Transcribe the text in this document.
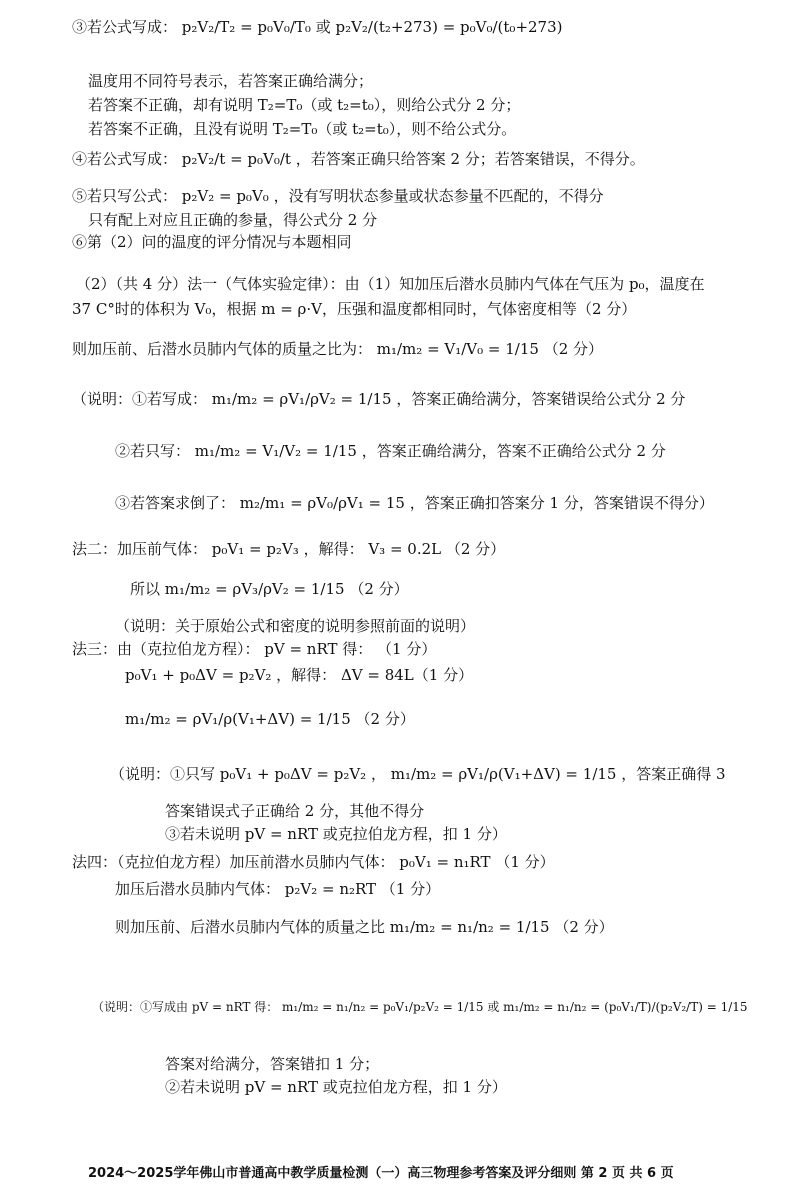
③若公式写成： p₂V₂/T₂ = p₀V₀/T₀ 或 p₂V₂/(t₂+273) = p₀V₀/(t₀+273)
温度用不同符号表示，若答案正确给满分；
若答案不正确，却有说明 T₂=T₀（或 t₂=t₀），则给公式分 2 分；
若答案不正确，且没有说明 T₂=T₀（或 t₂=t₀），则不给公式分。
④若公式写成： p₂V₂/t = p₀V₀/t ，若答案正确只给答案 2 分；若答案错误，不得分。
⑤若只写公式： p₂V₂ = p₀V₀ ，没有写明状态参量或状态参量不匹配的，不得分
只有配上对应且正确的参量，得公式分 2 分
⑥第（2）问的温度的评分情况与本题相同
（2）（共 4 分）法一（气体实验定律）：由（1）知加压后潜水员肺内气体在气压为 p₀，温度在
37 C°时的体积为 V₀，根据 m = ρ·V，压强和温度都相同时，气体密度相等（2 分）
则加压前、后潜水员肺内气体的质量之比为： m₁/m₂ = V₁/V₀ = 1/15 （2 分）
（说明：①若写成： m₁/m₂ = ρV₁/ρV₂ = 1/15 ，答案正确给满分，答案错误给公式分 2 分
②若只写： m₁/m₂ = V₁/V₂ = 1/15 ，答案正确给满分，答案不正确给公式分 2 分
③若答案求倒了： m₂/m₁ = ρV₀/ρV₁ = 15 ，答案正确扣答案分 1 分，答案错误不得分）
法二：加压前气体： p₀V₁ = p₂V₃ ，解得： V₃ = 0.2L （2 分）
所以 m₁/m₂ = ρV₃/ρV₂ = 1/15 （2 分）
（说明：关于原始公式和密度的说明参照前面的说明）
法三：由（克拉伯龙方程）： pV = nRT 得： （1 分）
p₀V₁ + p₀ΔV = p₂V₂ ，解得： ΔV = 84L（1 分）
m₁/m₂ = ρV₁/ρ(V₁+ΔV) = 1/15 （2 分）
（说明：①只写 p₀V₁ + p₀ΔV = p₂V₂ ， m₁/m₂ = ρV₁/ρ(V₁+ΔV) = 1/15 ，答案正确得 3
答案错误式子正确给 2 分，其他不得分
③若未说明 pV = nRT 或克拉伯龙方程，扣 1 分）
法四：（克拉伯龙方程）加压前潜水员肺内气体： p₀V₁ = n₁RT （1 分）
加压后潜水员肺内气体： p₂V₂ = n₂RT （1 分）
则加压前、后潜水员肺内气体的质量之比 m₁/m₂ = n₁/n₂ = 1/15 （2 分）
（说明：①写成由 pV = nRT 得： m₁/m₂ = n₁/n₂ = p₀V₁/p₂V₂ = 1/15 或 m₁/m₂ = n₁/n₂ = (p₀V₁/T)/(p₂V₂/T) = 1/15
答案对给满分，答案错扣 1 分；
②若未说明 pV = nRT 或克拉伯龙方程，扣 1 分）
2024～2025学年佛山市普通高中教学质量检测（一）高三物理参考答案及评分细则 第 2 页 共 6 页
